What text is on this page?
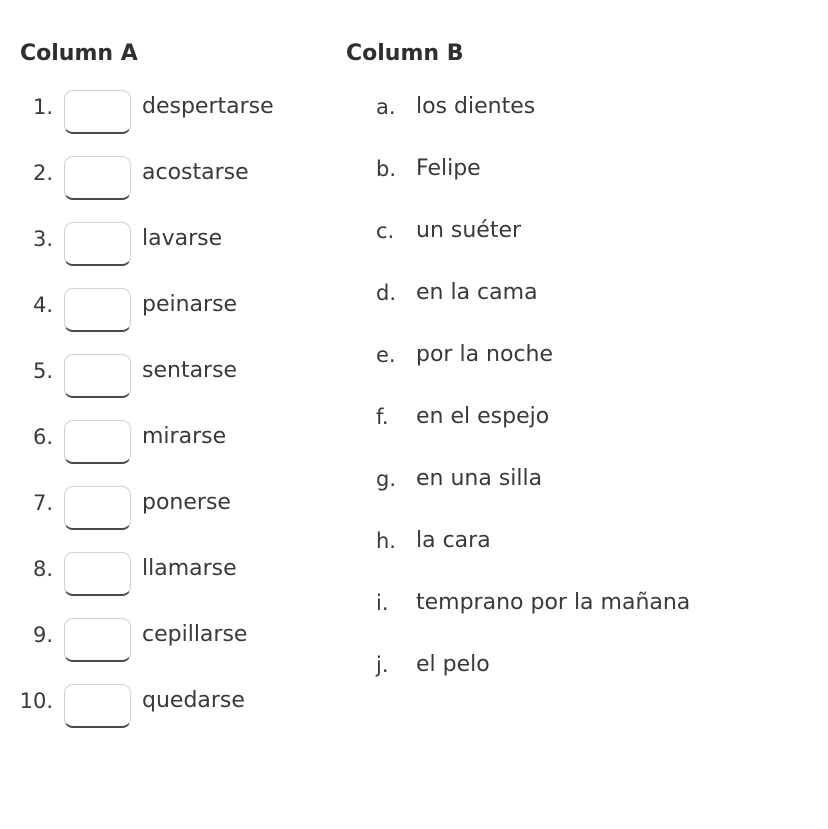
Column A	Column B
1.	despertarse
2.	acostarse
3.	lavarse
4.	peinarse
5.	sentarse
6.	mirarse
7.	ponerse
8.	llamarse
9.	cepillarse
10.	quedarse
a. los dientes
b. Felipe
c. un suéter
d. en la cama
e. por la noche
f. en el espejo
g. en una silla
h. la cara
i. temprano por la mañana
j. el pelo
